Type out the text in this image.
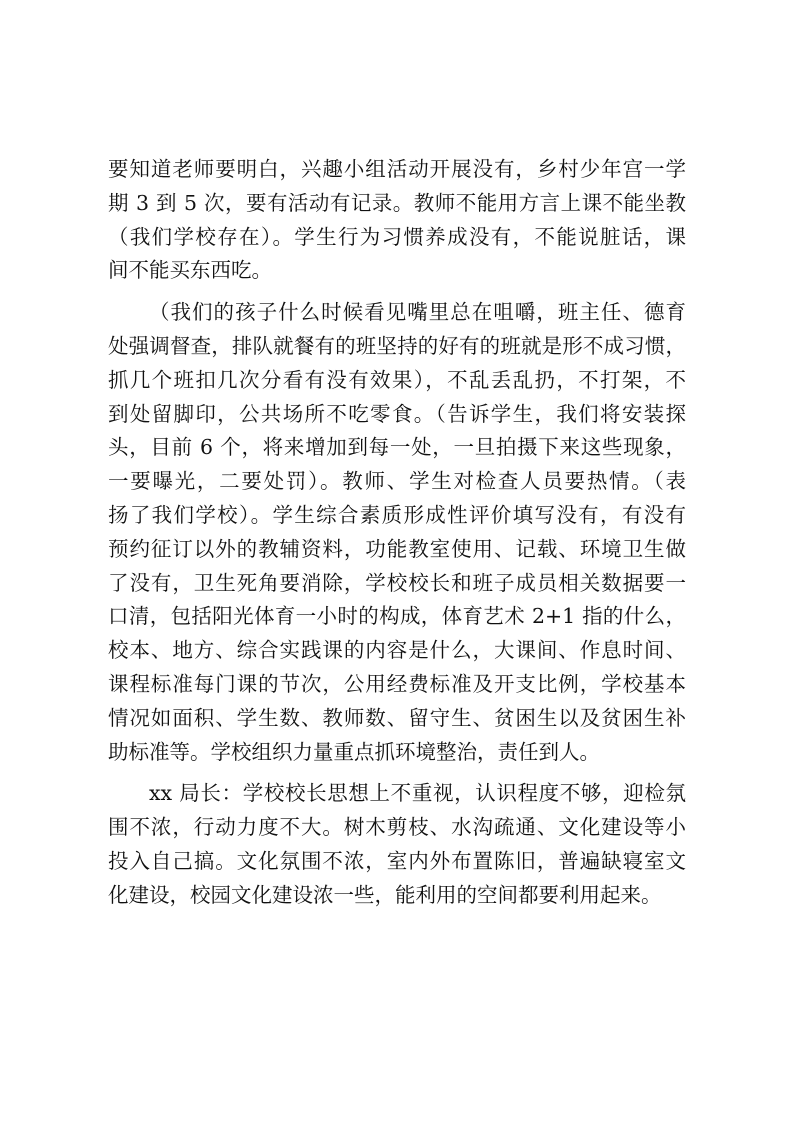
要知道老师要明白，兴趣小组活动开展没有，乡村少年宫一学
期 3 到 5 次，要有活动有记录。教师不能用方言上课不能坐教
（我们学校存在）。学生行为习惯养成没有，不能说脏话，课
间不能买东西吃。

（我们的孩子什么时候看见嘴里总在咀嚼，班主任、德育
处强调督查，排队就餐有的班坚持的好有的班就是形不成习惯，
抓几个班扣几次分看有没有效果），不乱丢乱扔，不打架，不
到处留脚印，公共场所不吃零食。（告诉学生，我们将安装探
头，目前 6 个，将来增加到每一处，一旦拍摄下来这些现象，
一要曝光，二要处罚）。教师、学生对检查人员要热情。（表
扬了我们学校）。学生综合素质形成性评价填写没有，有没有
预约征订以外的教辅资料，功能教室使用、记载、环境卫生做
了没有，卫生死角要消除，学校校长和班子成员相关数据要一
口清，包括阳光体育一小时的构成，体育艺术 2+1 指的什么，
校本、地方、综合实践课的内容是什么，大课间、作息时间、
课程标准每门课的节次，公用经费标准及开支比例，学校基本
情况如面积、学生数、教师数、留守生、贫困生以及贫困生补
助标准等。学校组织力量重点抓环境整治，责任到人。

xx 局长：学校校长思想上不重视，认识程度不够，迎检氛
围不浓，行动力度不大。树木剪枝、水沟疏通、文化建设等小
投入自己搞。文化氛围不浓，室内外布置陈旧，普遍缺寝室文
化建设，校园文化建设浓一些，能利用的空间都要利用起来。
